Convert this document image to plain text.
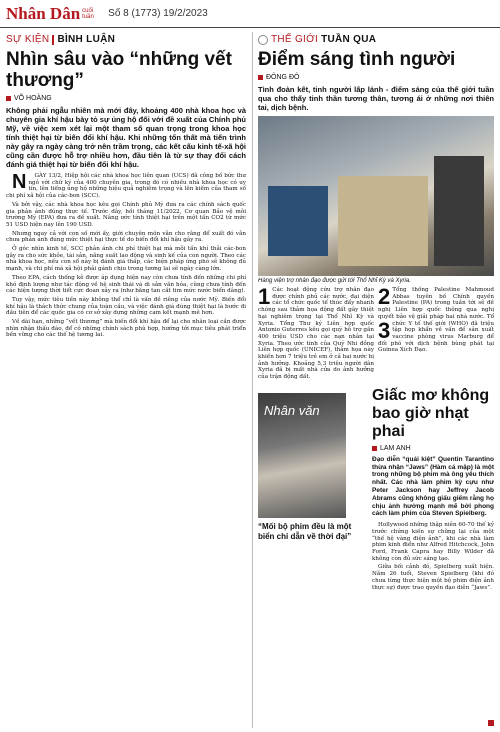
Nhân Dân cuối tuần	Số 8 (1773) 19/2/2023
SỰ KIỆN BÌNH LUẬN
Nhìn sâu vào “những vết thương”
VÕ HOÀNG

Không phải ngẫu nhiên mà mới đây, khoảng 400 nhà khoa học và chuyên gia khí hậu bày tỏ sự ủng hộ đối với đề xuất của Chính phủ Mỹ, về việc xem xét lại một tham số quan trọng trong khoa học tính thiệt hại từ biến đổi khí hậu. Khi những tổn thất mà tiến trình này gây ra ngày càng trở nên trầm trọng, các kết cấu kinh tế-xã hội cũng cần được hỗ trợ nhiều hơn, đầu tiên là từ sự thay đổi cách đánh giá thiệt hại từ biến đổi khí hậu.

N GÀY 13/2, Hiệp hội các nhà khoa học liên quan (UCS) đã công bố bức thư ngỏ với chữ ký của 400 chuyên gia, trong đó có nhiều nhà khoa học có uy tín, lên tiếng ủng hộ những hiệu quả nghiêm trọng và lên kiếm của tham số chi phí xã hội của các-bon (SCC).

Và bởi vậy, các nhà khoa học kêu gọi Chính phủ Mỹ đưa ra các chính sách quốc gia phản ánh đúng thực tế. Trước đây, hồi tháng 11/2022, Cơ quan Bảo vệ môi trường Mỹ (EPA) đưa ra đề xuất. Nâng ước tính thiệt hại trên một tấn CO2 từ mức 51 USD hiện nay lên 190 USD.

Nhưng ngay cả với con số mới ấy, giới chuyên môn vẫn cho rằng để xuất đó vẫn chưa phản ánh đúng mức thiệt hại thực tế do biến đổi khí hậu gây ra.

Ở góc nhìn kinh tế, SCC phản ánh chi phí thiệt hại mà mỗi tấn khí thải các-bon gây ra cho sức khỏe, tài sản, năng suất lao động và sinh kế của con người. Theo các nhà khoa học, nếu con số này bị đánh giá thấp, các biện pháp ứng phó sẽ không đủ mạnh, và chi phí mà xã hội phải gánh chịu trong tương lai sẽ ngày càng lớn.

Theo EPA, cách thống kê được áp dụng hiện nay còn chưa tính đến những chi phí khó định lượng như tác động về hệ sinh thái và di sản văn hóa, cũng chưa tính đến các hiện tượng thời tiết cực đoan xảy ra (như băng tan cắt tim mức nước biển dâng).

Tuy vậy, mức tiêu tiền này không thể chỉ là vấn đề riêng của nước Mỹ. Biến đổi khí hậu là thách thức chung của toàn cầu, và việc đánh giá đúng thiệt hại là bước đi đầu tiên để các quốc gia có cơ sở xây dựng những cam kết mạnh mẽ hơn.

Về dài hạn, những “vết thương” mà biến đổi khí hậu để lại cho nhân loại cần được nhìn nhận thấu đáo, để có những chính sách phù hợp, hướng tới mục tiêu phát triển bền vững cho các thế hệ tương lai.

THẾ GIỚI TUẦN QUA
Điểm sáng tình người
ĐÔNG ĐÔ

Tình đoàn kết, tinh người lấp lánh - điểm sáng của thế giới tuần qua cho thấy tinh thần tương thân, tương ái ở những nơi thiên tai, dịch bệnh.

Hàng viện trợ nhân đạo được gửi tới Thổ Nhĩ Kỳ và Xyria.
1 Các hoạt động cứu trợ nhân đạo được chính phủ các nước, đại diện các tổ chức quốc tế thúc đẩy nhanh chóng sau thảm họa động đất gây thiệt hại nghiêm trọng tại Thổ Nhĩ Kỳ và Xyria. Tổng Thư ký Liên hợp quốc Antonio Guterres kêu gọi quỹ hỗ trợ gần 400 triệu USD cho các nạn nhân tại Xyria. Theo ước tính của Quỹ Nhi đồng Liên hợp quốc (UNICEF), thảm họa này khiến hơn 7 triệu trẻ em ở cả hai nước bị ảnh hưởng. Khoảng 5,3 triệu người dân Xyria đã bị mất nhà cửa do ảnh hưởng của trận động đất.
2 Tổng thống Palestine Mahmoud Abbas tuyên bố Chính quyền Palestine (PA) trong tuần tới sẽ đề nghị Liên hợp quốc thông qua nghị quyết bảo vệ giải pháp hai nhà nước.
3
Tổ chức Y tế thế giới (WHO) đã triệu tập họp khẩn về vấn đề sản xuất vaccine phòng virus Marburg để đối phó với dịch bệnh bùng phát tại Guinea Xích Đạo.
Nhân văn

“Mối bộ phim đều là một biển chỉ dẫn về thời đại”

Giấc mơ không bao giờ nhạt phai
LAM ANH

Đạo diễn “quái kiệt” Quentin Tarantino thừa nhận “Jaws” (Hàm cá mập) là một trong những bộ phim mà ông yêu thích nhất. Các nhà làm phim kỳ cựu như Peter Jackson hay Jeffrey Jacob Abrams cũng không giấu giếm rằng họ chịu ảnh hưởng mạnh mẽ bởi phong cách làm phim của Steven Spielberg.

Hollywood những thập niên 60-70 thế kỷ trước chứng kiến sự chững lại của một “thế hệ vàng điện ảnh”, khi các nhà làm phim kinh điển như Alfred Hitchcock, John Ford, Frank Capra hay Billy Wilder đã không còn đủ sức sáng tạo.

Giữa bối cảnh đó, Spielberg xuất hiện. Năm 26 tuổi, Steven Spielberg (khi đó chưa từng thực hiện một bộ phim điện ảnh thực sự) được trao quyền đạo diễn “Jaws”.
